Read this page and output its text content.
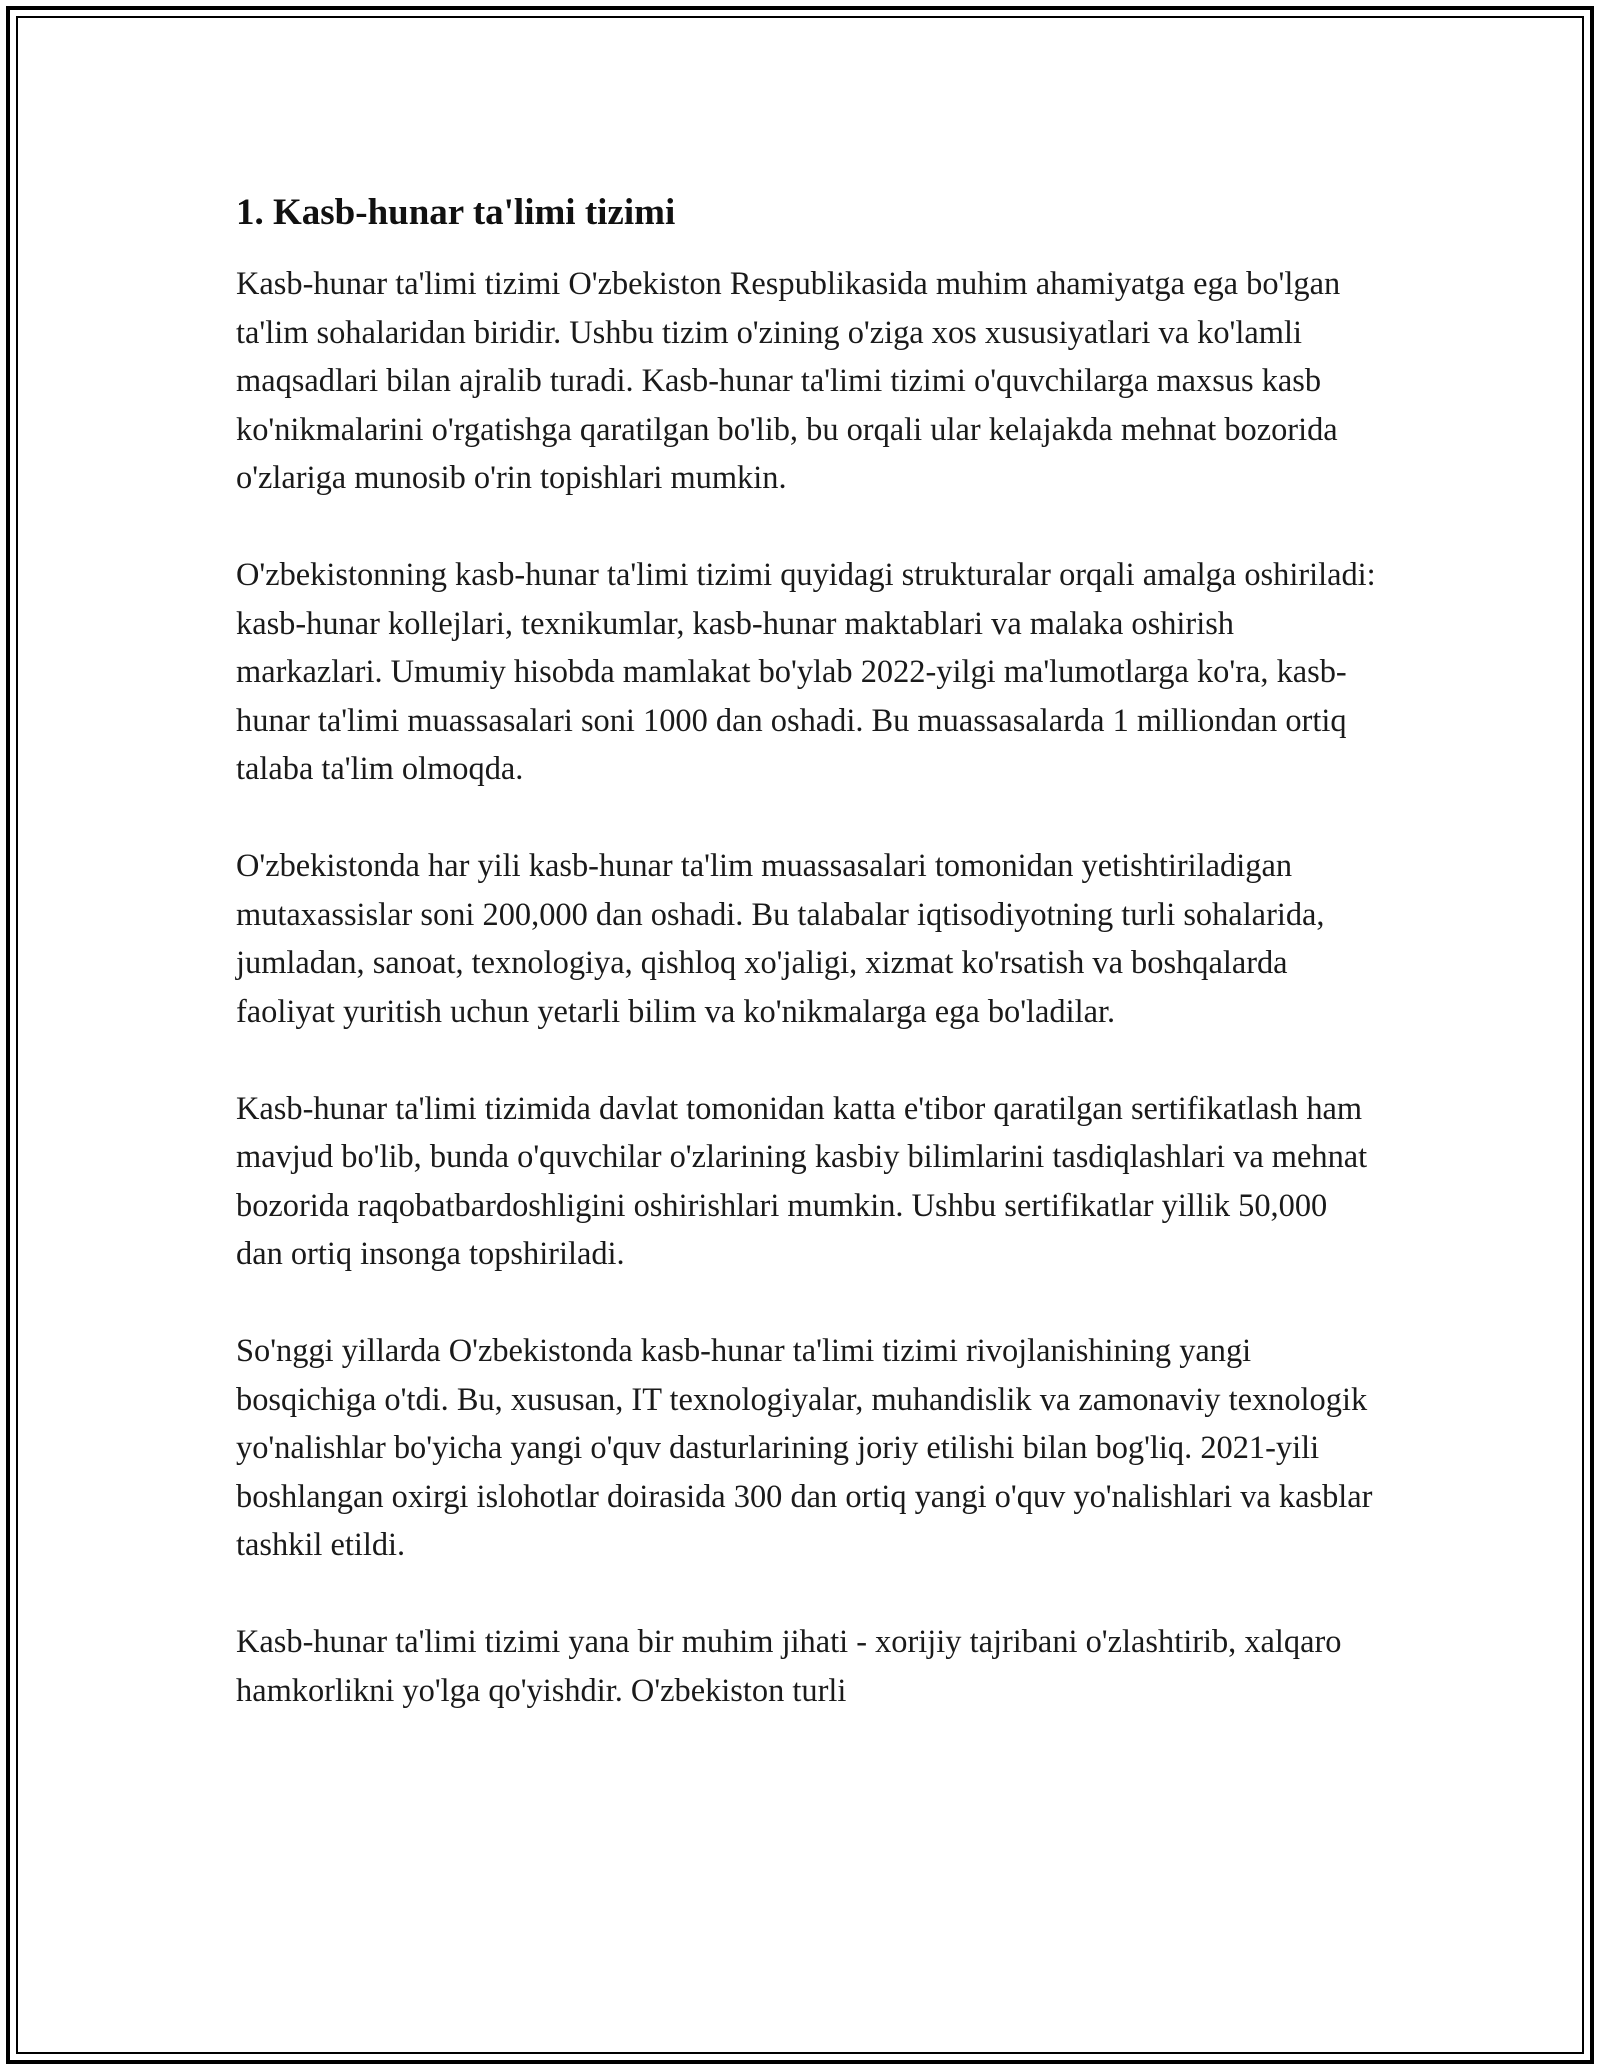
1. Kasb-hunar ta'limi tizimi

Kasb-hunar ta'limi tizimi O'zbekiston Respublikasida muhim ahamiyatga ega bo'lgan ta'lim sohalaridan biridir. Ushbu tizim o'zining o'ziga xos xususiyatlari va ko'lamli maqsadlari bilan ajralib turadi. Kasb-hunar ta'limi tizimi o'quvchilarga maxsus kasb ko'nikmalarini o'rgatishga qaratilgan bo'lib, bu orqali ular kelajakda mehnat bozorida o'zlariga munosib o'rin topishlari mumkin.

O'zbekistonning kasb-hunar ta'limi tizimi quyidagi strukturalar orqali amalga oshiriladi: kasb-hunar kollejlari, texnikumlar, kasb-hunar maktablari va malaka oshirish markazlari. Umumiy hisobda mamlakat bo'ylab 2022-yilgi ma'lumotlarga ko'ra, kasb-hunar ta'limi muassasalari soni 1000 dan oshadi. Bu muassasalarda 1 milliondan ortiq talaba ta'lim olmoqda.

O'zbekistonda har yili kasb-hunar ta'lim muassasalari tomonidan yetishtiriladigan mutaxassislar soni 200,000 dan oshadi. Bu talabalar iqtisodiyotning turli sohalarida, jumladan, sanoat, texnologiya, qishloq xo'jaligi, xizmat ko'rsatish va boshqalarda faoliyat yuritish uchun yetarli bilim va ko'nikmalarga ega bo'ladilar.

Kasb-hunar ta'limi tizimida davlat tomonidan katta e'tibor qaratilgan sertifikatlash ham mavjud bo'lib, bunda o'quvchilar o'zlarining kasbiy bilimlarini tasdiqlashlari va mehnat bozorida raqobatbardoshligini oshirishlari mumkin. Ushbu sertifikatlar yillik 50,000 dan ortiq insonga topshiriladi.

So'nggi yillarda O'zbekistonda kasb-hunar ta'limi tizimi rivojlanishining yangi bosqichiga o'tdi. Bu, xususan, IT texnologiyalar, muhandislik va zamonaviy texnologik yo'nalishlar bo'yicha yangi o'quv dasturlarining joriy etilishi bilan bog'liq. 2021-yili boshlangan oxirgi islohotlar doirasida 300 dan ortiq yangi o'quv yo'nalishlari va kasblar tashkil etildi.

Kasb-hunar ta'limi tizimi yana bir muhim jihati - xorijiy tajribani o'zlashtirib, xalqaro hamkorlikni yo'lga qo'yishdir. O'zbekiston turli
